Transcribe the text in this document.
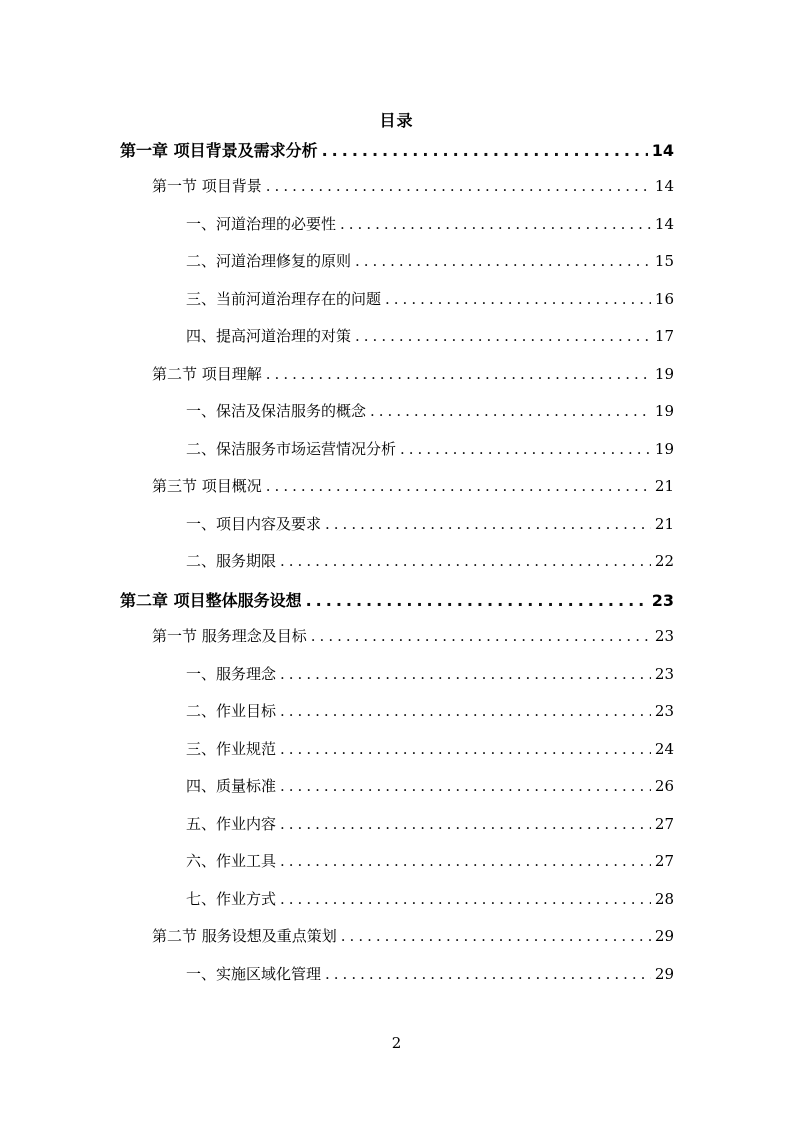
目录
第一章 项目背景及需求分析 .....	14
第一节 项目背景 .....	14
一、河道治理的必要性 .....	14
二、河道治理修复的原则 .....	15
三、当前河道治理存在的问题 .....	16
四、提高河道治理的对策 .....	17
第二节 项目理解 .....	19
一、保洁及保洁服务的概念 .....	19
二、保洁服务市场运营情况分析 .....	19
第三节 项目概况 .....	21
一、项目内容及要求 .....	21
二、服务期限 .....	22
第二章 项目整体服务设想 .....	23
第一节 服务理念及目标 .....	23
一、服务理念 .....	23
二、作业目标 .....	23
三、作业规范 .....	24
四、质量标准 .....	26
五、作业内容 .....	27
六、作业工具 .....	27
七、作业方式 .....	28
第二节 服务设想及重点策划 .....	29
一、实施区域化管理 .....	29
2
